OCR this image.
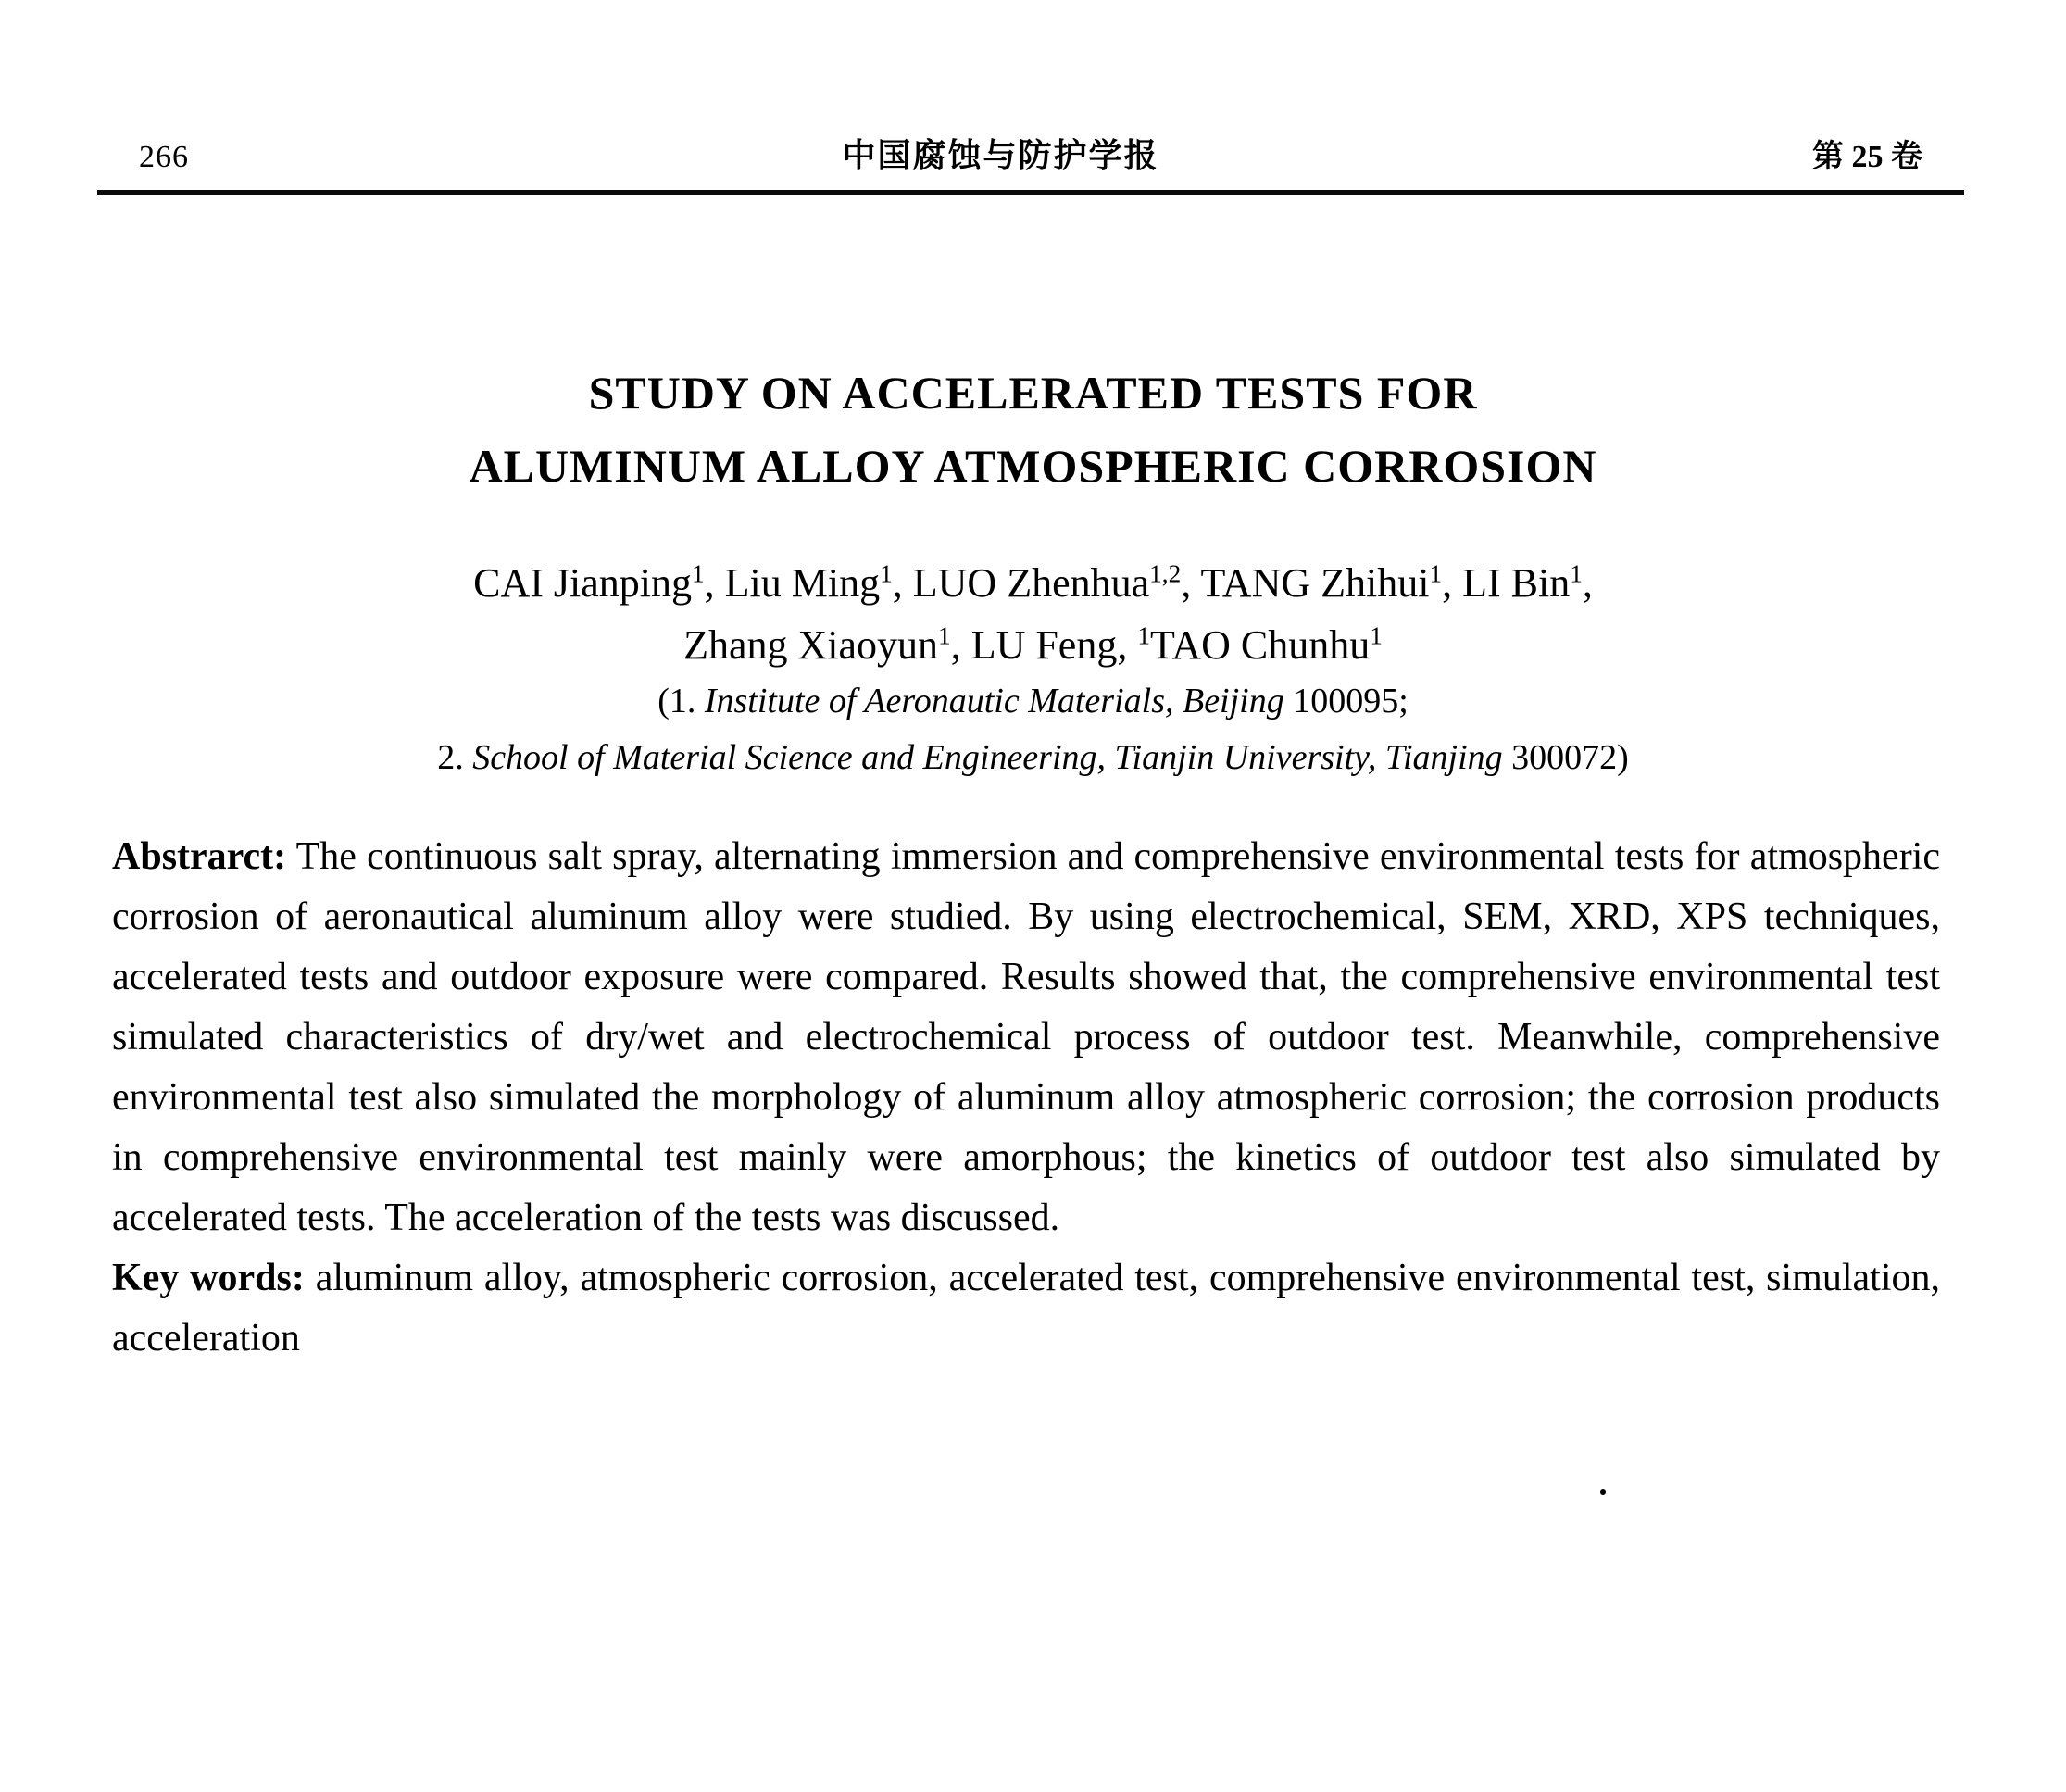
266	中国腐蚀与防护学报	第 25 卷
STUDY ON ACCELERATED TESTS FOR
ALUMINUM ALLOY ATMOSPHERIC CORROSION
CAI Jianping$^1$, Liu Ming$^1$, LUO Zhenhua$^{1,2}$, TANG Zhihui$^1$, LI Bin$^1$,
Zhang Xiaoyun$^1$, LU Feng, $^1$TAO Chunhu$^1$
(1. Institute of Aeronautic Materials, Beijing 100095;
2. School of Material Science and Engineering, Tianjin University, Tianjing 300072)

Abstrarct: The continuous salt spray, alternating immersion and comprehensive environmental tests for atmospheric corrosion of aeronautical aluminum alloy were studied. By using electrochemical, SEM, XRD, XPS techniques, accelerated tests and outdoor exposure were compared. Results showed that, the comprehensive environmental test simulated characteristics of dry/wet and electrochemical process of outdoor test. Meanwhile, comprehensive environmental test also simulated the morphology of aluminum alloy atmospheric corrosion; the corrosion products in comprehensive environmental test mainly were amorphous; the kinetics of outdoor test also simulated by accelerated tests. The acceleration of the tests was discussed.

Key words: aluminum alloy, atmospheric corrosion, accelerated test, comprehensive environmental test, simulation, acceleration
